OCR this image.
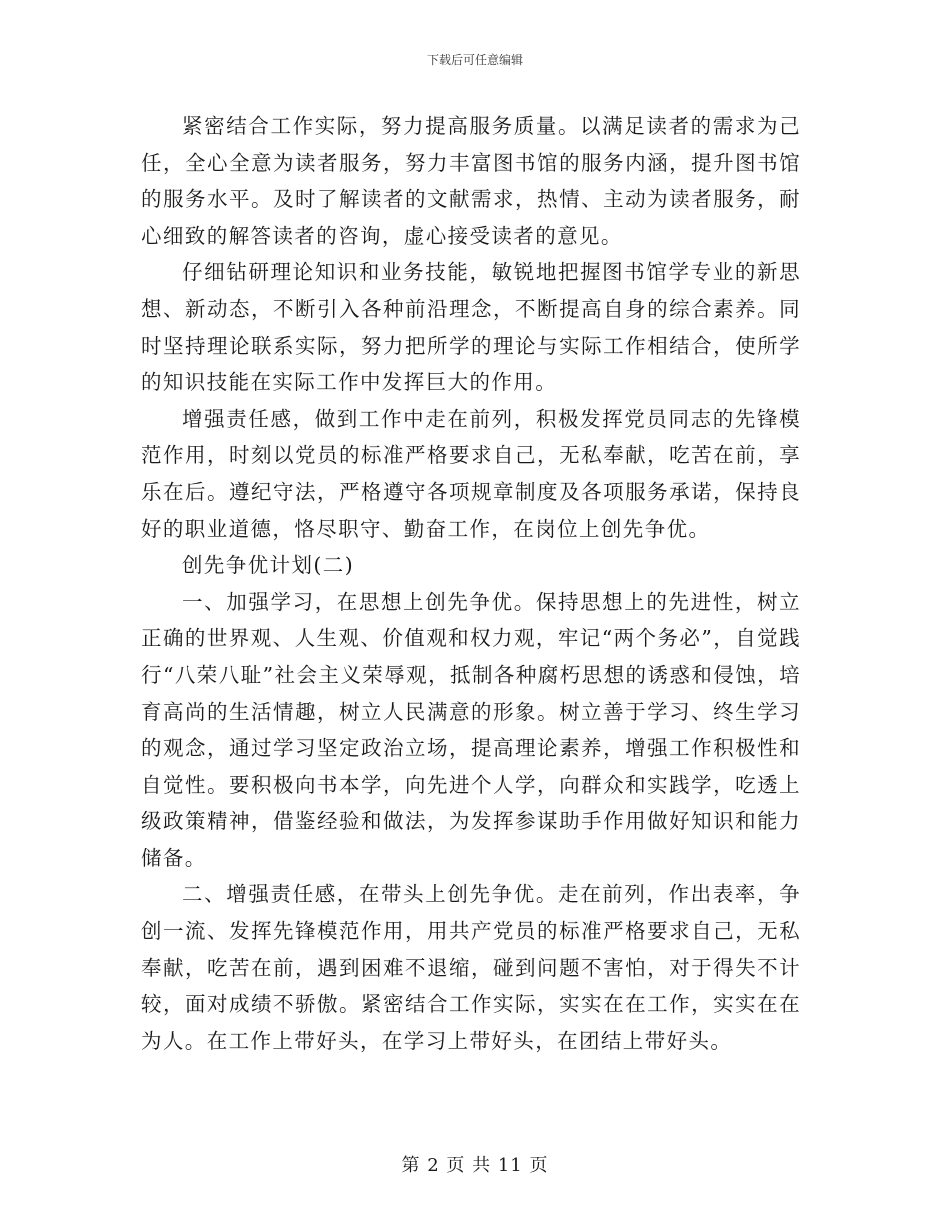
下载后可任意编辑

紧密结合工作实际，努力提高服务质量。以满足读者的需求为己任，全心全意为读者服务，努力丰富图书馆的服务内涵，提升图书馆的服务水平。及时了解读者的文献需求，热情、主动为读者服务，耐心细致的解答读者的咨询，虚心接受读者的意见。

仔细钻研理论知识和业务技能，敏锐地把握图书馆学专业的新思想、新动态，不断引入各种前沿理念，不断提高自身的综合素养。同时坚持理论联系实际，努力把所学的理论与实际工作相结合，使所学的知识技能在实际工作中发挥巨大的作用。

增强责任感，做到工作中走在前列，积极发挥党员同志的先锋模范作用，时刻以党员的标准严格要求自己，无私奉献，吃苦在前，享乐在后。遵纪守法，严格遵守各项规章制度及各项服务承诺，保持良好的职业道德，恪尽职守、勤奋工作，在岗位上创先争优。

创先争优计划(二)

一、加强学习，在思想上创先争优。保持思想上的先进性，树立正确的世界观、人生观、价值观和权力观，牢记“两个务必”，自觉践行“八荣八耻”社会主义荣辱观，抵制各种腐朽思想的诱惑和侵蚀，培育高尚的生活情趣，树立人民满意的形象。树立善于学习、终生学习的观念，通过学习坚定政治立场，提高理论素养，增强工作积极性和自觉性。要积极向书本学，向先进个人学，向群众和实践学，吃透上级政策精神，借鉴经验和做法，为发挥参谋助手作用做好知识和能力储备。

二、增强责任感，在带头上创先争优。走在前列，作出表率，争创一流、发挥先锋模范作用，用共产党员的标准严格要求自己，无私奉献，吃苦在前，遇到困难不退缩，碰到问题不害怕，对于得失不计较，面对成绩不骄傲。紧密结合工作实际，实实在在工作，实实在在为人。在工作上带好头，在学习上带好头，在团结上带好头。

第 2 页 共 11 页
